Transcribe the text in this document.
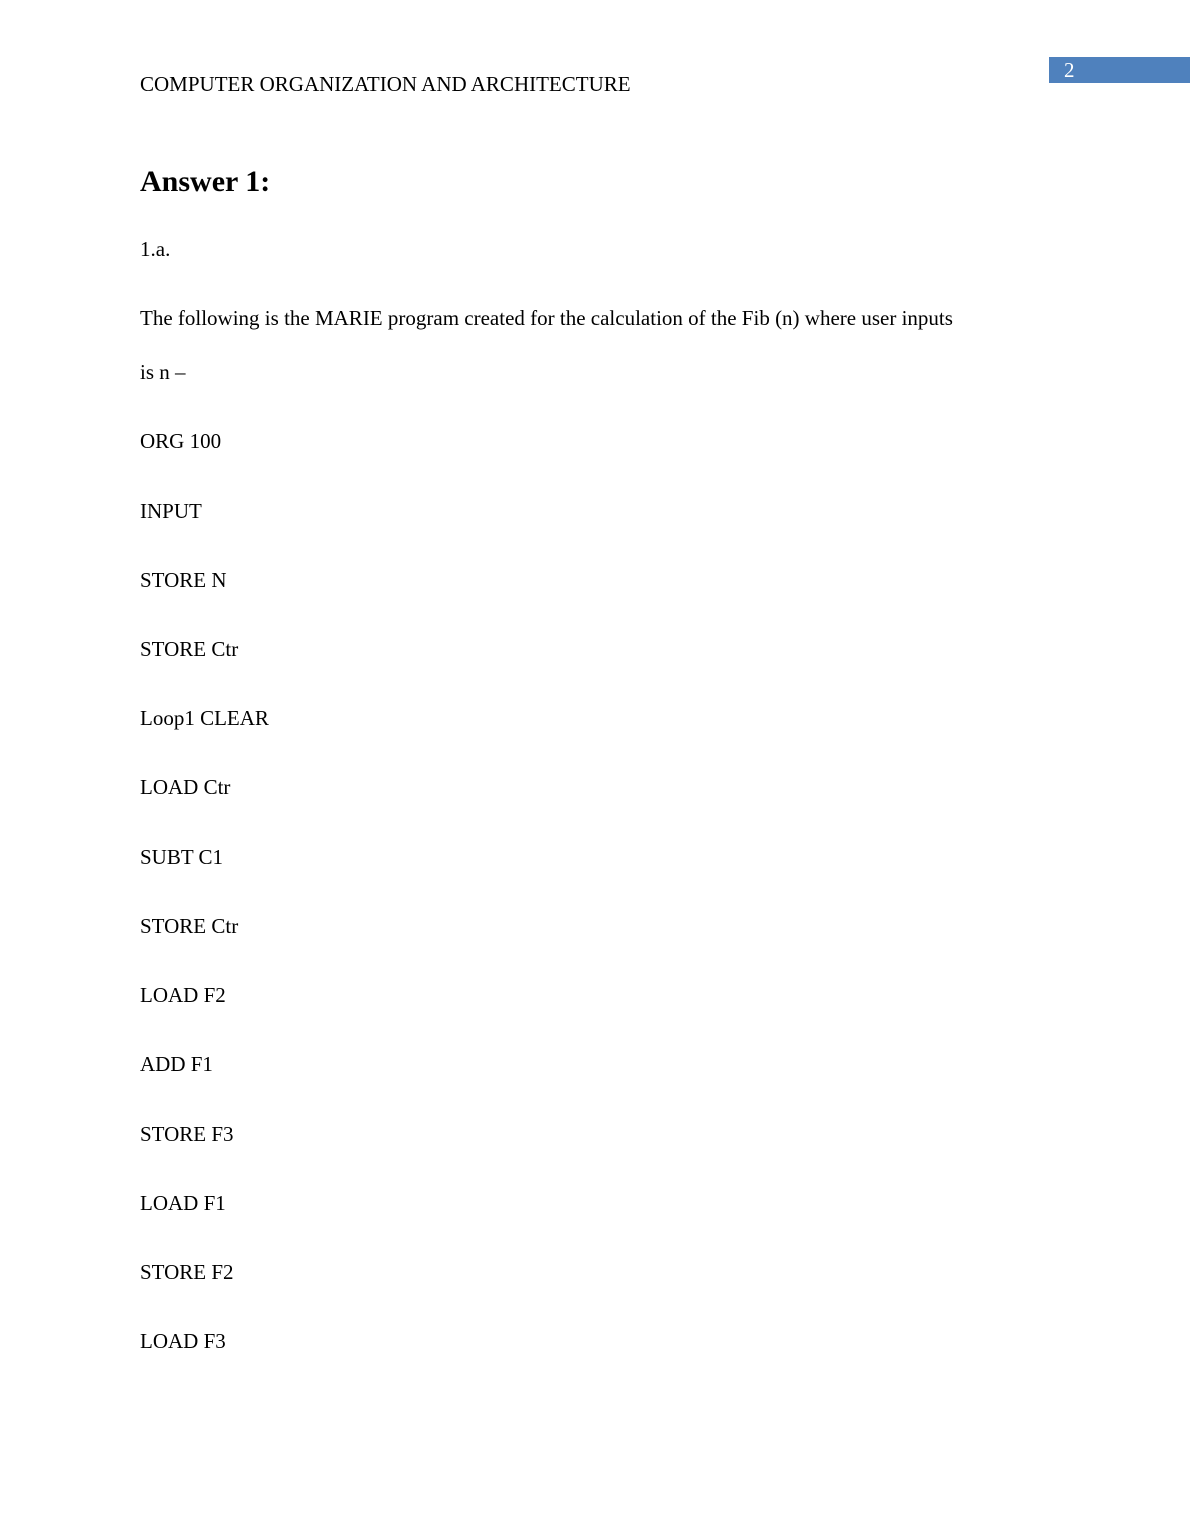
2
COMPUTER ORGANIZATION AND ARCHITECTURE
Answer 1:
1.a.
The following is the MARIE program created for the calculation of the Fib (n) where user inputs
is n –
ORG 100
INPUT
STORE N
STORE Ctr
Loop1 CLEAR
LOAD Ctr
SUBT C1
STORE Ctr
LOAD F2
ADD F1
STORE F3
LOAD F1
STORE F2
LOAD F3
